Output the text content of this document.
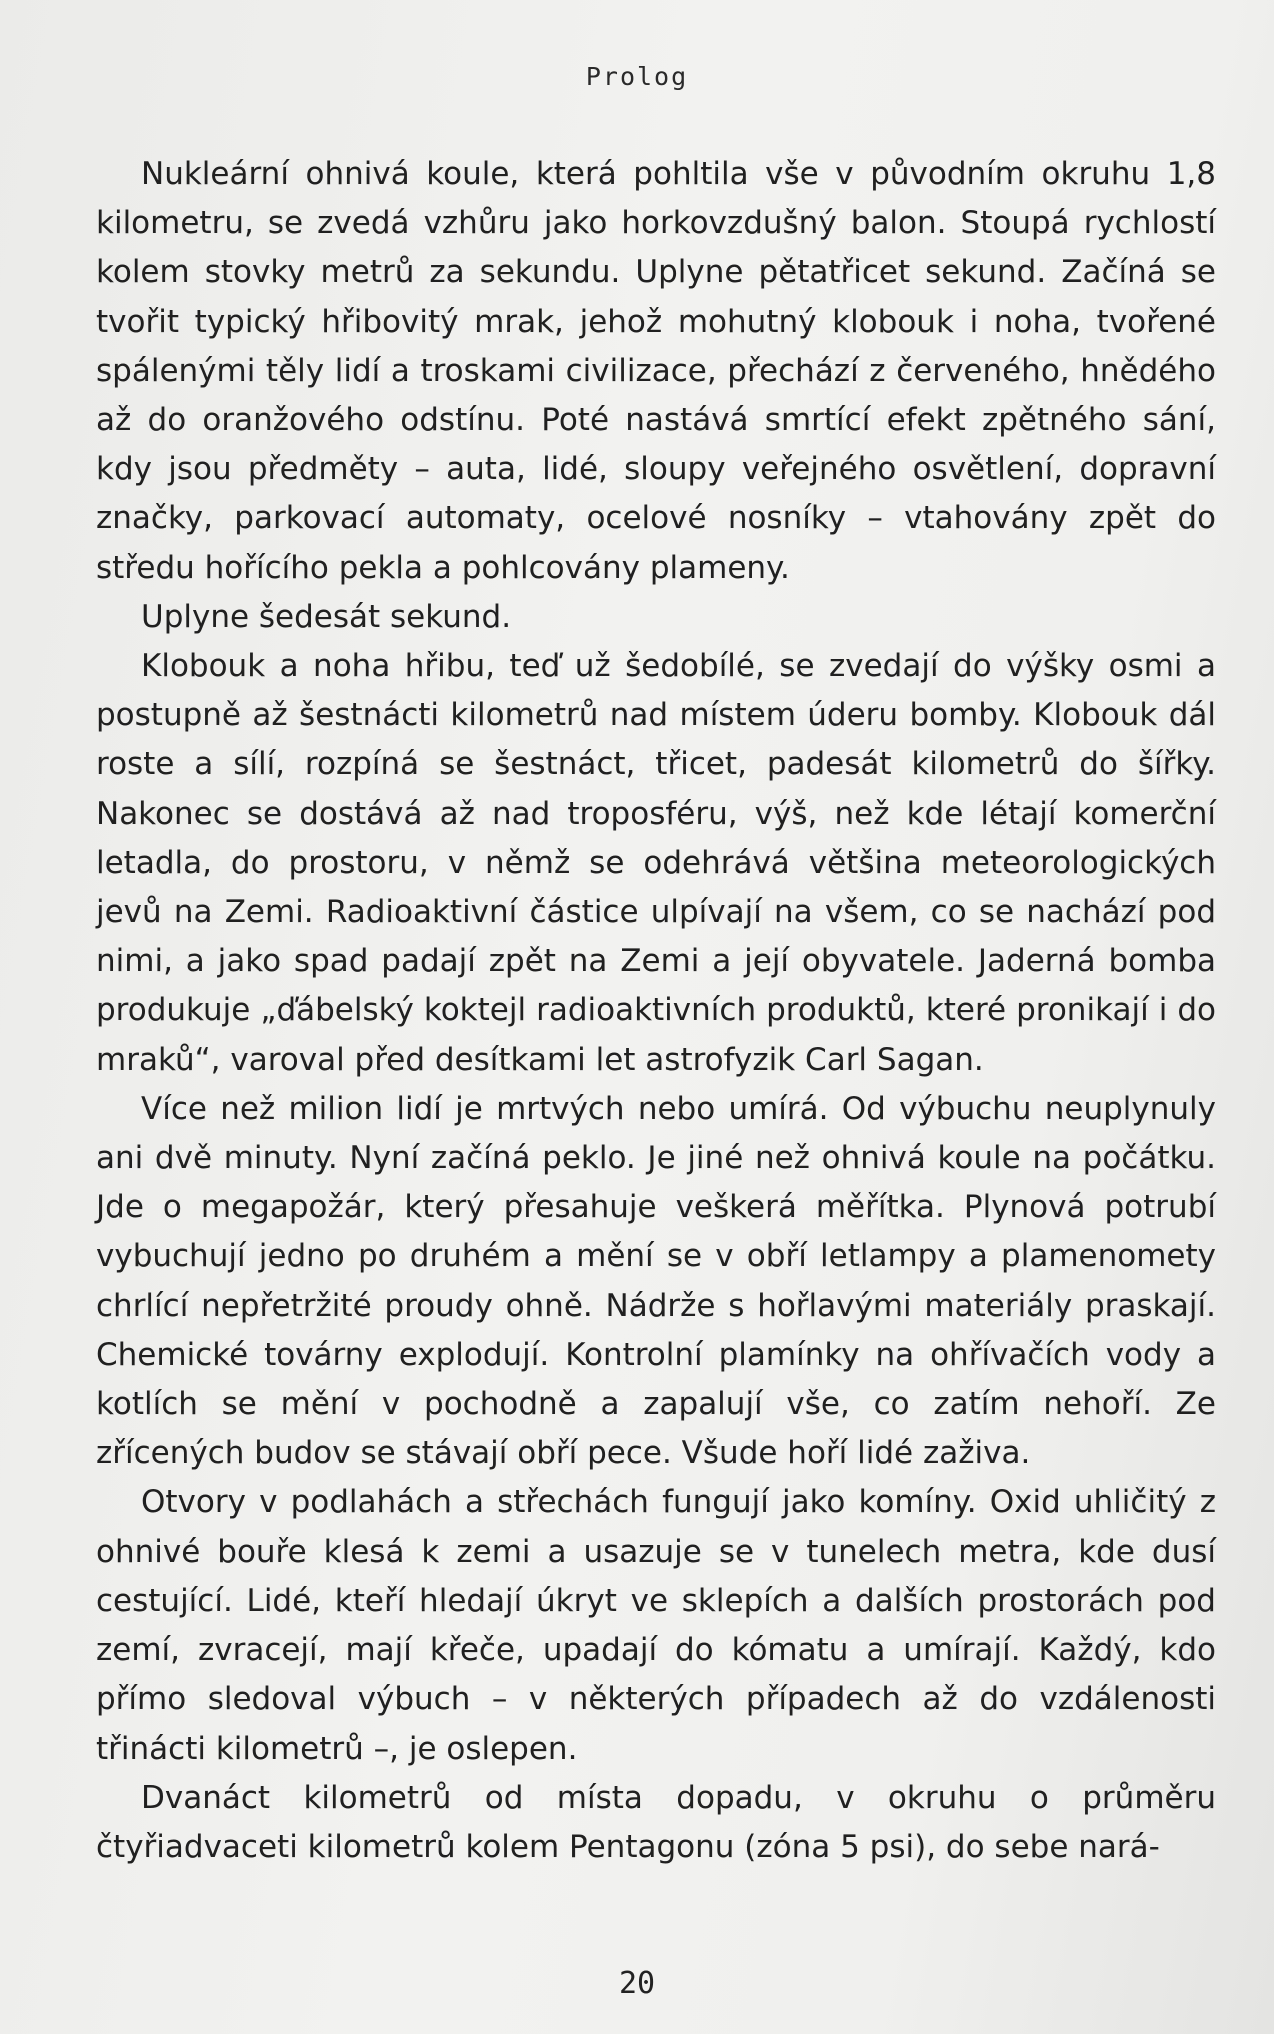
Prolog

Nukleární ohnivá koule, která pohltila vše v původním okruhu 1,8 kilometru, se zvedá vzhůru jako horkovzdušný balon. Stoupá rychlostí kolem stovky metrů za sekundu. Uplyne pětatřicet sekund. Začíná se tvořit typický hřibovitý mrak, jehož mohutný klobouk i noha, tvořené spálenými těly lidí a troskami civilizace, přechází z červeného, hnědého až do oranžového odstínu. Poté nastává smrtící efekt zpětného sání, kdy jsou předměty – auta, lidé, sloupy veřejného osvětlení, dopravní značky, parkovací automaty, ocelové nosníky – vtahovány zpět do středu hořícího pekla a pohlcovány plameny.

Uplyne šedesát sekund.

Klobouk a noha hřibu, teď už šedobílé, se zvedají do výšky osmi a postupně až šestnácti kilometrů nad místem úderu bomby. Klobouk dál roste a sílí, rozpíná se šestnáct, třicet, padesát kilometrů do šířky. Nakonec se dostává až nad troposféru, výš, než kde létají komerční letadla, do prostoru, v němž se odehrává většina meteorologických jevů na Zemi. Radioaktivní částice ulpívají na všem, co se nachází pod nimi, a jako spad padají zpět na Zemi a její obyvatele. Jaderná bomba produkuje „ďábelský koktejl radioaktivních produktů, které pronikají i do mraků“, varoval před desítkami let astrofyzik Carl Sagan.

Více než milion lidí je mrtvých nebo umírá. Od výbuchu neuplynuly ani dvě minuty. Nyní začíná peklo. Je jiné než ohnivá koule na počátku. Jde o megapožár, který přesahuje veškerá měřítka. Plynová potrubí vybuchují jedno po druhém a mění se v obří letlampy a plamenomety chrlící nepřetržité proudy ohně. Nádrže s hořlavými materiály praskají. Chemické továrny explodují. Kontrolní plamínky na ohřívačích vody a kotlích se mění v pochodně a zapalují vše, co zatím nehoří. Ze zřícených budov se stávají obří pece. Všude hoří lidé zaživa.

Otvory v podlahách a střechách fungují jako komíny. Oxid uhličitý z ohnivé bouře klesá k zemi a usazuje se v tunelech metra, kde dusí cestující. Lidé, kteří hledají úkryt ve sklepích a dalších prostorách pod zemí, zvracejí, mají křeče, upadají do kómatu a umírají. Každý, kdo přímo sledoval výbuch – v některých případech až do vzdálenosti třinácti kilometrů –, je oslepen.

Dvanáct kilometrů od místa dopadu, v okruhu o průměru čtyřiadvaceti kilometrů kolem Pentagonu (zóna 5 psi), do sebe nará-

20
